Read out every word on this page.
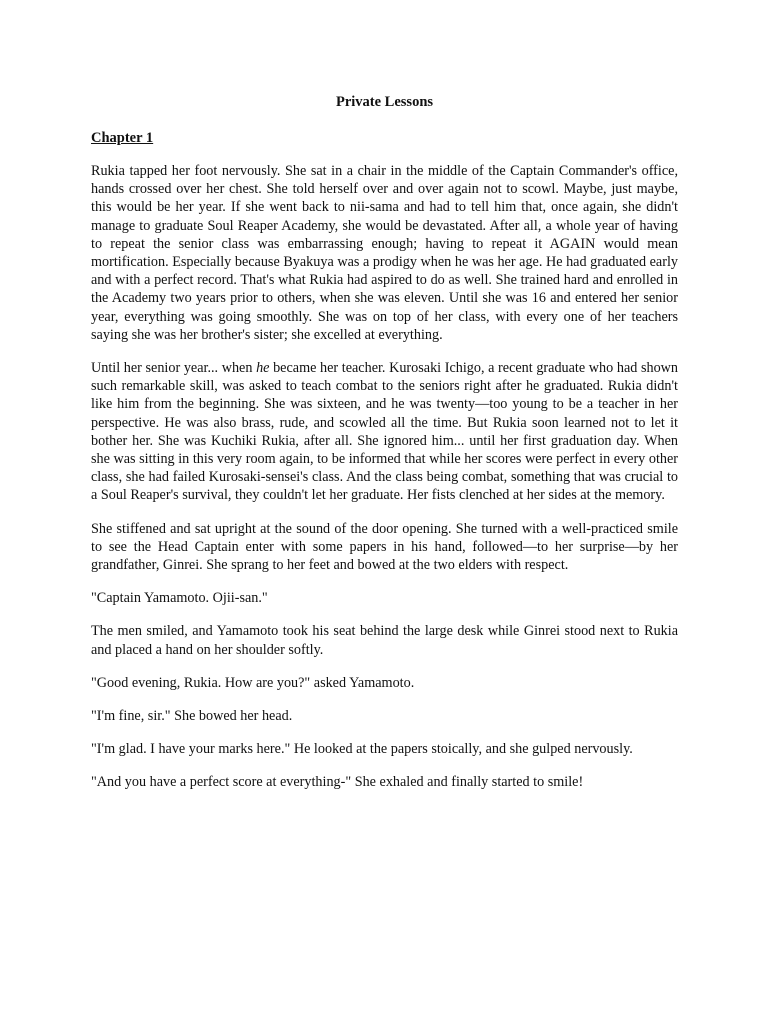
Private Lessons
Chapter 1

Rukia tapped her foot nervously. She sat in a chair in the middle of the Captain Commander's office, hands crossed over her chest. She told herself over and over again not to scowl. Maybe, just maybe, this would be her year. If she went back to nii-sama and had to tell him that, once again, she didn't manage to graduate Soul Reaper Academy, she would be devastated. After all, a whole year of having to repeat the senior class was embarrassing enough; having to repeat it AGAIN would mean mortification. Especially because Byakuya was a prodigy when he was her age. He had graduated early and with a perfect record. That's what Rukia had aspired to do as well. She trained hard and enrolled in the Academy two years prior to others, when she was eleven. Until she was 16 and entered her senior year, everything was going smoothly. She was on top of her class, with every one of her teachers saying she was her brother's sister; she excelled at everything.

Until her senior year... when he became her teacher. Kurosaki Ichigo, a recent graduate who had shown such remarkable skill, was asked to teach combat to the seniors right after he graduated. Rukia didn't like him from the beginning. She was sixteen, and he was twenty—too young to be a teacher in her perspective. He was also brass, rude, and scowled all the time. But Rukia soon learned not to let it bother her. She was Kuchiki Rukia, after all. She ignored him... until her first graduation day. When she was sitting in this very room again, to be informed that while her scores were perfect in every other class, she had failed Kurosaki-sensei's class. And the class being combat, something that was crucial to a Soul Reaper's survival, they couldn't let her graduate. Her fists clenched at her sides at the memory.

She stiffened and sat upright at the sound of the door opening. She turned with a well-practiced smile to see the Head Captain enter with some papers in his hand, followed—to her surprise—by her grandfather, Ginrei. She sprang to her feet and bowed at the two elders with respect.

"Captain Yamamoto. Ojii-san."

The men smiled, and Yamamoto took his seat behind the large desk while Ginrei stood next to Rukia and placed a hand on her shoulder softly.

"Good evening, Rukia. How are you?" asked Yamamoto.

"I'm fine, sir." She bowed her head.

"I'm glad. I have your marks here." He looked at the papers stoically, and she gulped nervously.

"And you have a perfect score at everything-" She exhaled and finally started to smile!
